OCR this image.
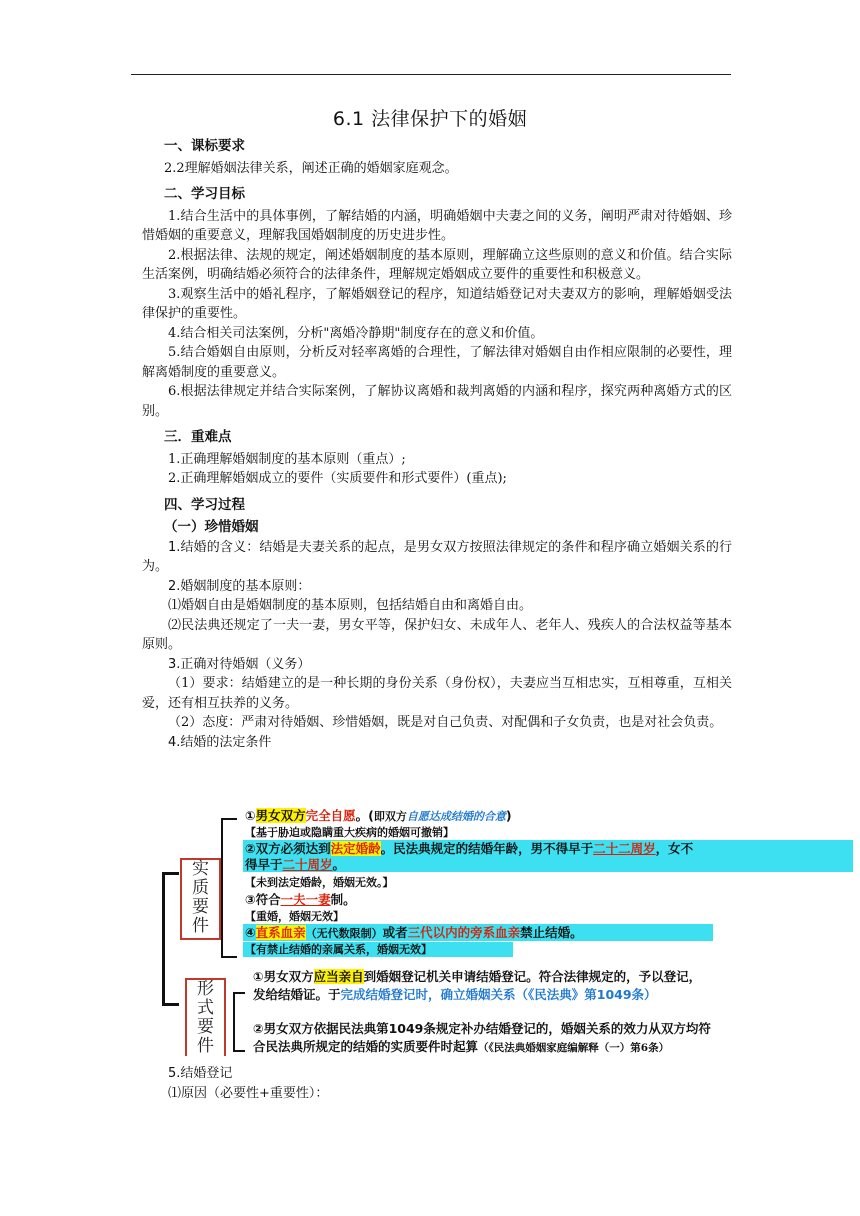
6.1 法律保护下的婚姻
一、课标要求
2.2理解婚姻法律关系，阐述正确的婚姻家庭观念。
二、学习目标
1.结合生活中的具体事例，了解结婚的内涵，明确婚姻中夫妻之间的义务，阐明严肃对待婚姻、珍惜婚姻的重要意义，理解我国婚姻制度的历史进步性。
2.根据法律、法规的规定，阐述婚姻制度的基本原则，理解确立这些原则的意义和价值。结合实际生活案例，明确结婚必须符合的法律条件，理解规定婚姻成立要件的重要性和积极意义。
3.观察生活中的婚礼程序，了解婚姻登记的程序，知道结婚登记对夫妻双方的影响，理解婚姻受法律保护的重要性。
4.结合相关司法案例，分析"离婚冷静期"制度存在的意义和价值。
5.结合婚姻自由原则，分析反对轻率离婚的合理性，了解法律对婚姻自由作相应限制的必要性，理解离婚制度的重要意义。
6.根据法律规定并结合实际案例，了解协议离婚和裁判离婚的内涵和程序，探究两种离婚方式的区别。
三．重难点
1.正确理解婚姻制度的基本原则（重点）;
2.正确理解婚姻成立的要件（实质要件和形式要件）(重点);
四、学习过程
（一）珍惜婚姻
1.结婚的含义：结婚是夫妻关系的起点，是男女双方按照法律规定的条件和程序确立婚姻关系的行为。
2.婚姻制度的基本原则：
⑴婚姻自由是婚姻制度的基本原则，包括结婚自由和离婚自由。
⑵民法典还规定了一夫一妻，男女平等，保护妇女、未成年人、老年人、残疾人的合法权益等基本原则。
3.正确对待婚姻（义务）
（1）要求：结婚建立的是一种长期的身份关系（身份权），夫妻应当互相忠实，互相尊重，互相关爱，还有相互扶养的义务。
（2）态度：严肃对待婚姻、珍惜婚姻，既是对自己负责、对配偶和子女负责，也是对社会负责。
4.结婚的法定条件
实
质
要
件
形
式
要
件
①男女双方完全自愿。(即双方自愿达成结婚的合意)
【基于胁迫或隐瞒重大疾病的婚姻可撤销】
②双方必须达到法定婚龄。民法典规定的结婚年龄，男不得早于二十二周岁，女不
得早于二十周岁。
【未到法定婚龄，婚姻无效。】
③符合一夫一妻制。
【重婚，婚姻无效】
④直系血亲（无代数限制）或者三代以内的旁系血亲禁止结婚。
【有禁止结婚的亲属关系，婚姻无效】
①男女双方应当亲自到婚姻登记机关申请结婚登记。符合法律规定的，予以登记，
发给结婚证。于完成结婚登记时，确立婚姻关系（《民法典》第1049条）
②男女双方依据民法典第1049条规定补办结婚登记的，婚姻关系的效力从双方均符
合民法典所规定的结婚的实质要件时起算（《民法典婚姻家庭编解释（一）第6条）
5.结婚登记
⑴原因（必要性+重要性）：
